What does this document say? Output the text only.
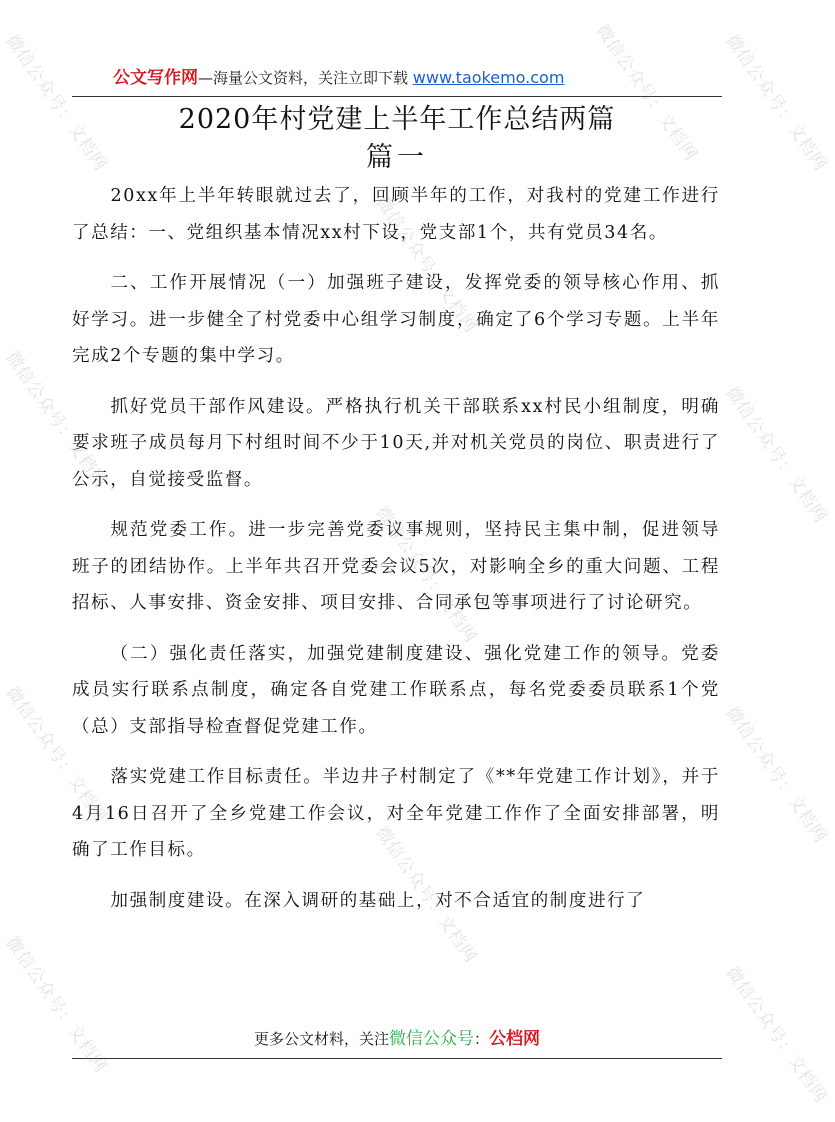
公文写作网—海量公文资料，关注立即下载 www.taokemo.com
2020年村党建上半年工作总结两篇
篇一

20xx年上半年转眼就过去了，回顾半年的工作，对我村的党建工作进行了总结：一、党组织基本情况xx村下设，党支部1个，共有党员34名。

二、工作开展情况（一）加强班子建设，发挥党委的领导核心作用、抓好学习。进一步健全了村党委中心组学习制度，确定了6个学习专题。上半年完成2个专题的集中学习。

抓好党员干部作风建设。严格执行机关干部联系xx村民小组制度，明确要求班子成员每月下村组时间不少于10天,并对机关党员的岗位、职责进行了公示，自觉接受监督。

规范党委工作。进一步完善党委议事规则，坚持民主集中制，促进领导班子的团结协作。上半年共召开党委会议5次，对影响全乡的重大问题、工程招标、人事安排、资金安排、项目安排、合同承包等事项进行了讨论研究。

（二）强化责任落实，加强党建制度建设、强化党建工作的领导。党委成员实行联系点制度，确定各自党建工作联系点，每名党委委员联系1个党（总）支部指导检查督促党建工作。

落实党建工作目标责任。半边井子村制定了《**年党建工作计划》，并于4月16日召开了全乡党建工作会议，对全年党建工作作了全面安排部署，明确了工作目标。

加强制度建设。在深入调研的基础上，对不合适宜的制度进行了

更多公文材料，关注微信公众号：公档网
微信公众号：文档网	微信公众号：文档网 微信公众号：文档网
微信公众号：文档网
微信公众号：文档网
微信公众号：文档网
微信公众号：文档网
微信公众号：文档网
微信公众号：文档网
微信公众号：文档网
微信公众号：文档网
微信公众号：文档网
